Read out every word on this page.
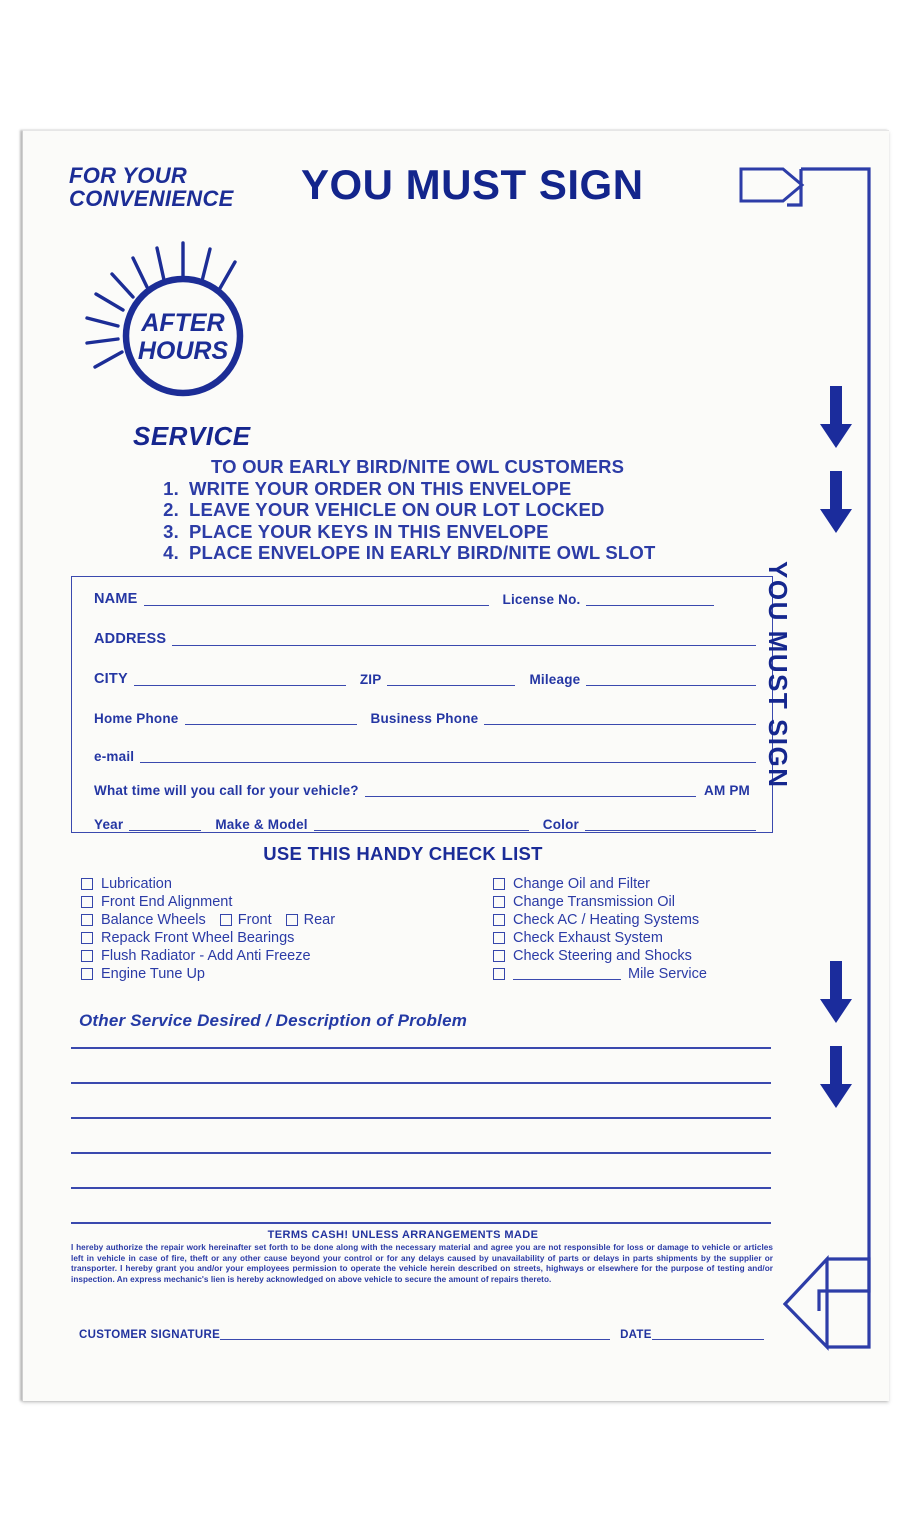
FOR YOUR
CONVENIENCE	YOU MUST SIGN
AFTER
HOURS
SERVICE
TO OUR EARLY BIRD/NITE OWL CUSTOMERS
1. WRITE YOUR ORDER ON THIS ENVELOPE
2. LEAVE YOUR VEHICLE ON OUR LOT LOCKED
3. PLACE YOUR KEYS IN THIS ENVELOPE
4. PLACE ENVELOPE IN EARLY BIRD/NITE OWL SLOT
NAME	License No.
ADDRESS
CITY	ZIP	Mileage
Home Phone	Business Phone
e-mail
What time will you call for your vehicle?	AM PM
Year	Make & Model	Color
USE THIS HANDY CHECK LIST
Lubrication
Front End Alignment
Balance Wheels Front Rear
Repack Front Wheel Bearings
Flush Radiator - Add Anti Freeze
Engine Tune Up
Change Oil and Filter
Change Transmission Oil
Check AC / Heating Systems
Check Exhaust System
Check Steering and Shocks
Mile Service
Other Service Desired / Description of Problem
TERMS CASH! UNLESS ARRANGEMENTS MADE
I hereby authorize the repair work hereinafter set forth to be done along with the necessary material and agree you are not responsible for loss or damage to vehicle or articles left in vehicle in case of fire, theft or any other cause beyond your control or for any delays caused by unavailability of parts or delays in parts shipments by the supplier or transporter. I hereby grant you and/or your employees permission to operate the vehicle herein described on streets, highways or elsewhere for the purpose of testing and/or inspection. An express mechanic's lien is hereby acknowledged on above vehicle to secure the amount of repairs thereto.
CUSTOMER SIGNATURE	DATE
YOU MUST SIGN
